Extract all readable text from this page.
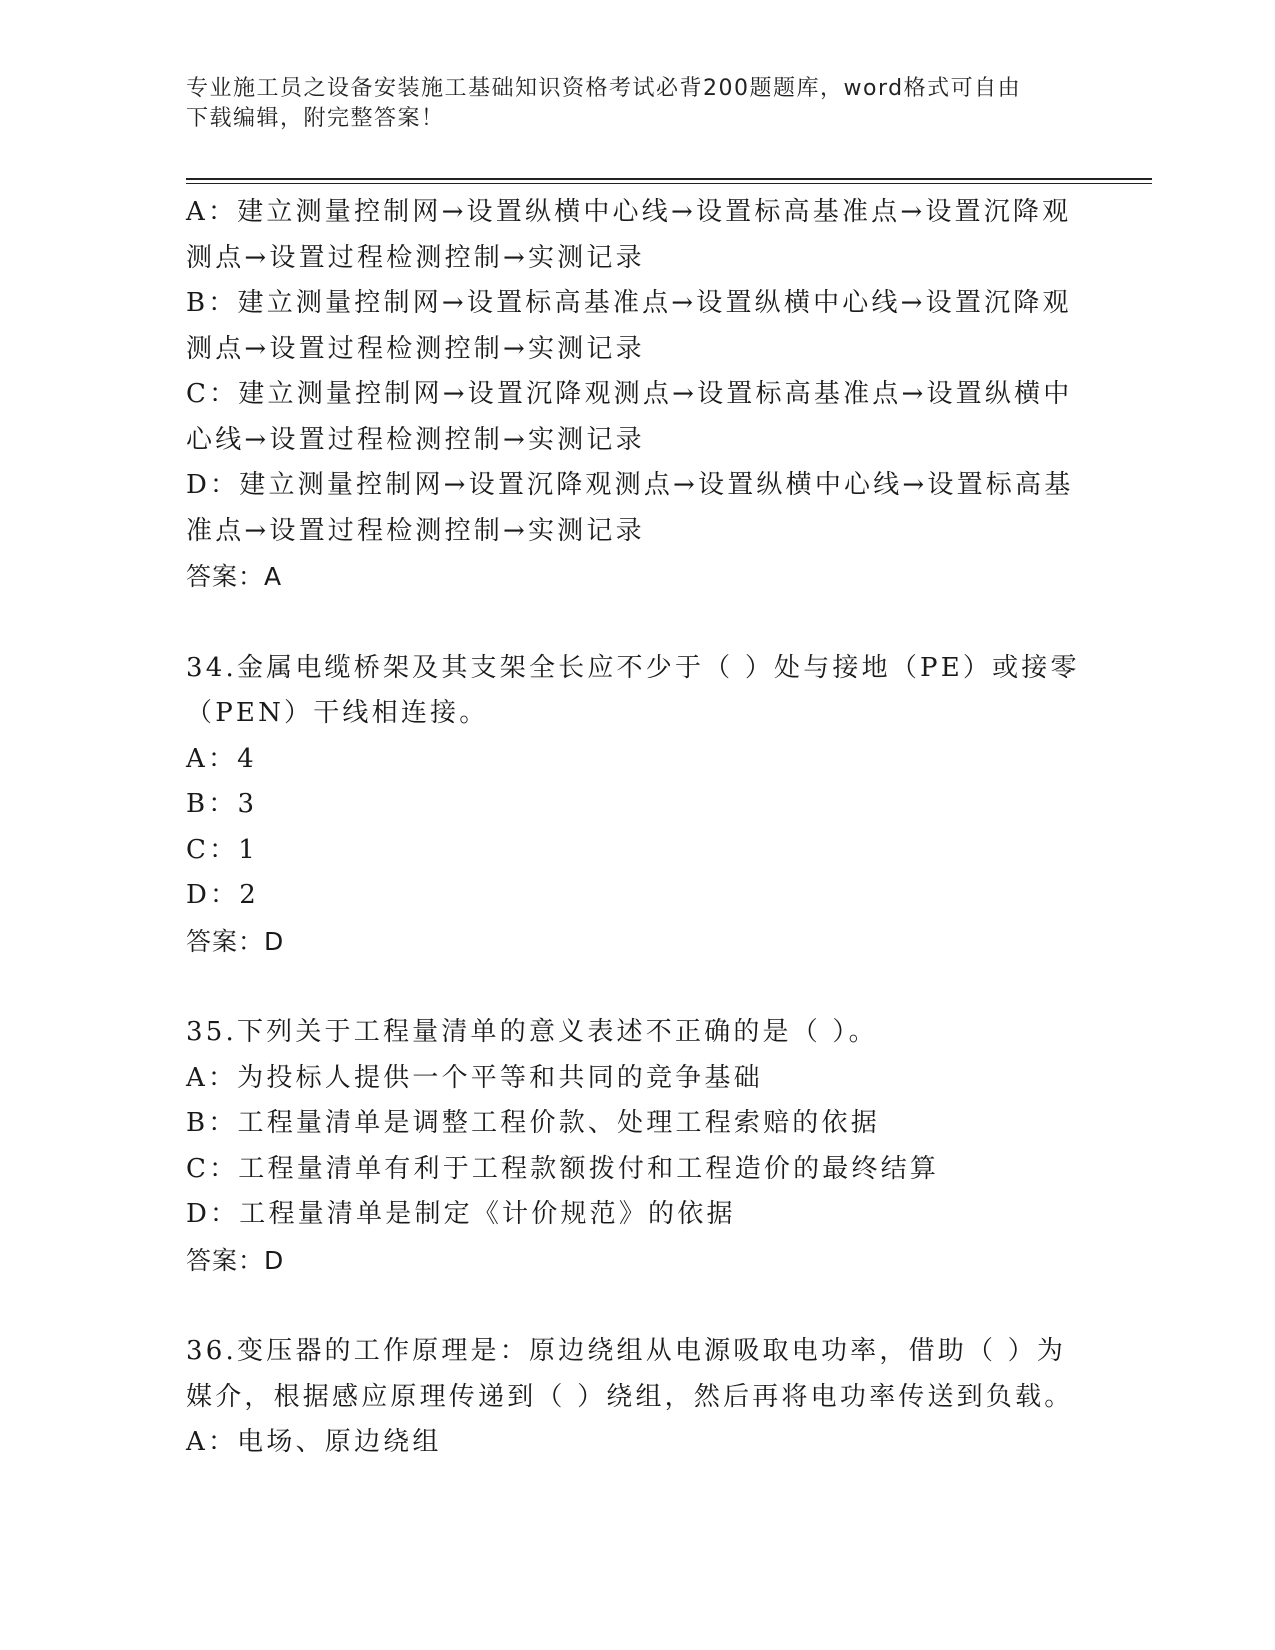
专业施工员之设备安装施工基础知识资格考试必背200题题库，word格式可自由
下载编辑，附完整答案！

A：建立测量控制网→设置纵横中心线→设置标高基准点→设置沉降观

测点→设置过程检测控制→实测记录

B：建立测量控制网→设置标高基准点→设置纵横中心线→设置沉降观

测点→设置过程检测控制→实测记录

C：建立测量控制网→设置沉降观测点→设置标高基准点→设置纵横中

心线→设置过程检测控制→实测记录

D：建立测量控制网→设置沉降观测点→设置纵横中心线→设置标高基

准点→设置过程检测控制→实测记录

答案：A

34.金属电缆桥架及其支架全长应不少于（ ）处与接地（PE）或接零

（PEN）干线相连接。

A：4

B：3

C：1

D：2

答案：D

35.下列关于工程量清单的意义表述不正确的是（ ）。

A：为投标人提供一个平等和共同的竞争基础

B：工程量清单是调整工程价款、处理工程索赔的依据

C：工程量清单有利于工程款额拨付和工程造价的最终结算

D：工程量清单是制定《计价规范》的依据

答案：D

36.变压器的工作原理是：原边绕组从电源吸取电功率，借助（ ）为

媒介，根据感应原理传递到（ ）绕组，然后再将电功率传送到负载。

A：电场、原边绕组
